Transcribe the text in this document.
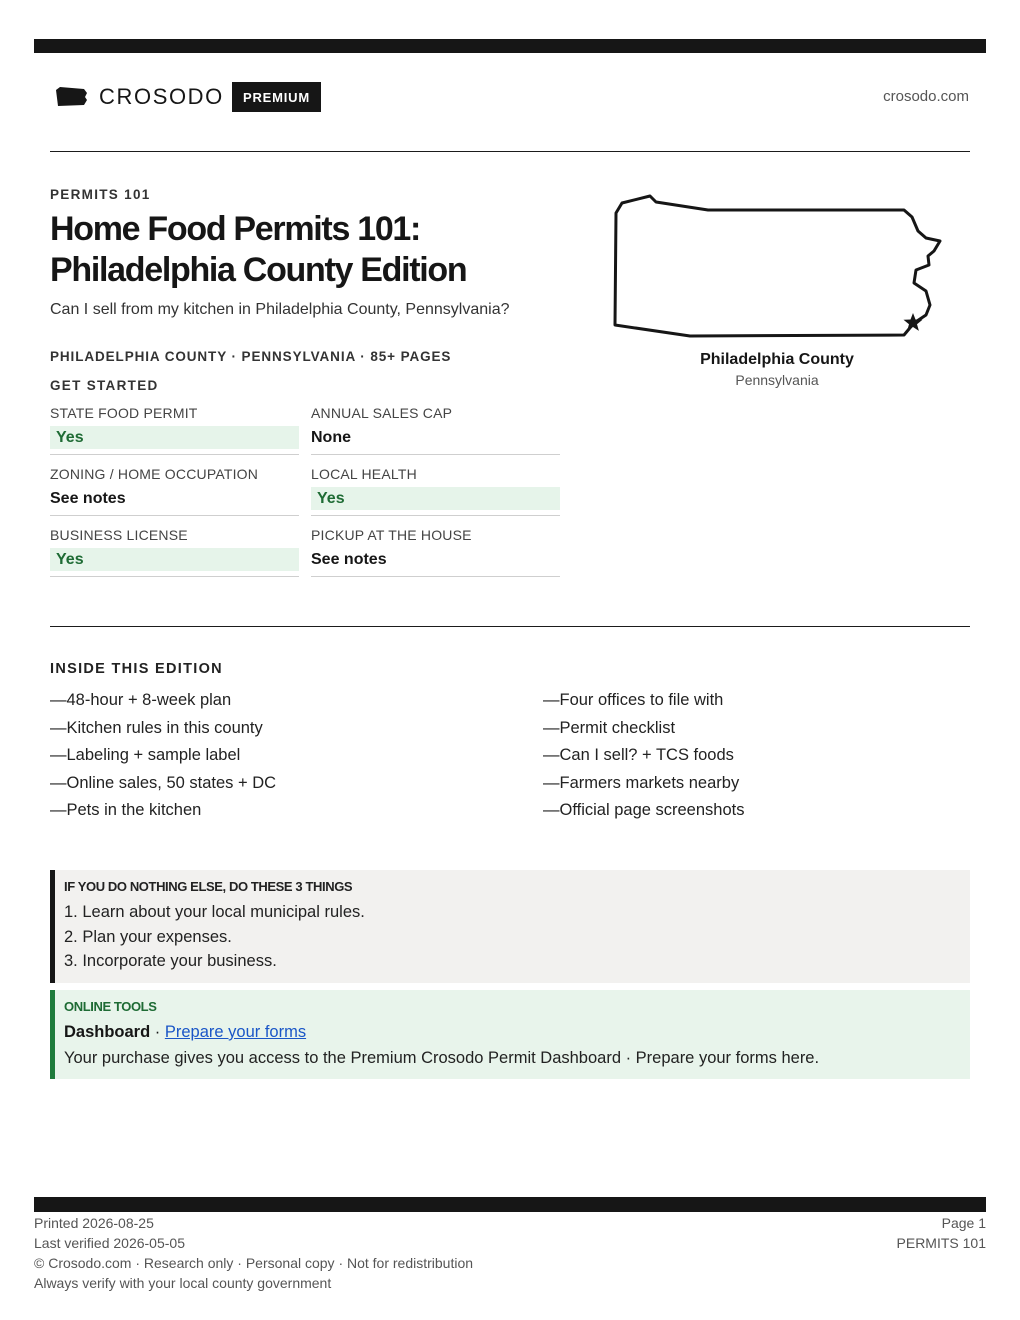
CROSODO	PREMIUM	crosodo.com
PERMITS 101
Home Food Permits 101:
Philadelphia County Edition
Can I sell from my kitchen in Philadelphia County, Pennsylvania?
PHILADELPHIA COUNTY · PENNSYLVANIA · 85+ PAGES
GET STARTED
STATE FOOD PERMIT
Yes
ANNUAL SALES CAP
None
ZONING / HOME OCCUPATION
See notes
LOCAL HEALTH
Yes
BUSINESS LICENSE
Yes
PICKUP AT THE HOUSE
See notes
Philadelphia County
Pennsylvania
INSIDE THIS EDITION
—48-hour + 8-week plan
—Kitchen rules in this county
—Labeling + sample label
—Online sales, 50 states + DC
—Pets in the kitchen
—Four offices to file with
—Permit checklist
—Can I sell? + TCS foods
—Farmers markets nearby
—Official page screenshots
IF YOU DO NOTHING ELSE, DO THESE 3 THINGS
1. Learn about your local municipal rules.
2. Plan your expenses.
3. Incorporate your business.
ONLINE TOOLS
Dashboard · Prepare your forms
Your purchase gives you access to the Premium Crosodo Permit Dashboard · Prepare your forms here.
Printed 2026-08-25
Last verified 2026-05-05
© Crosodo.com · Research only · Personal copy · Not for redistribution
Always verify with your local county government
Page 1
PERMITS 101
